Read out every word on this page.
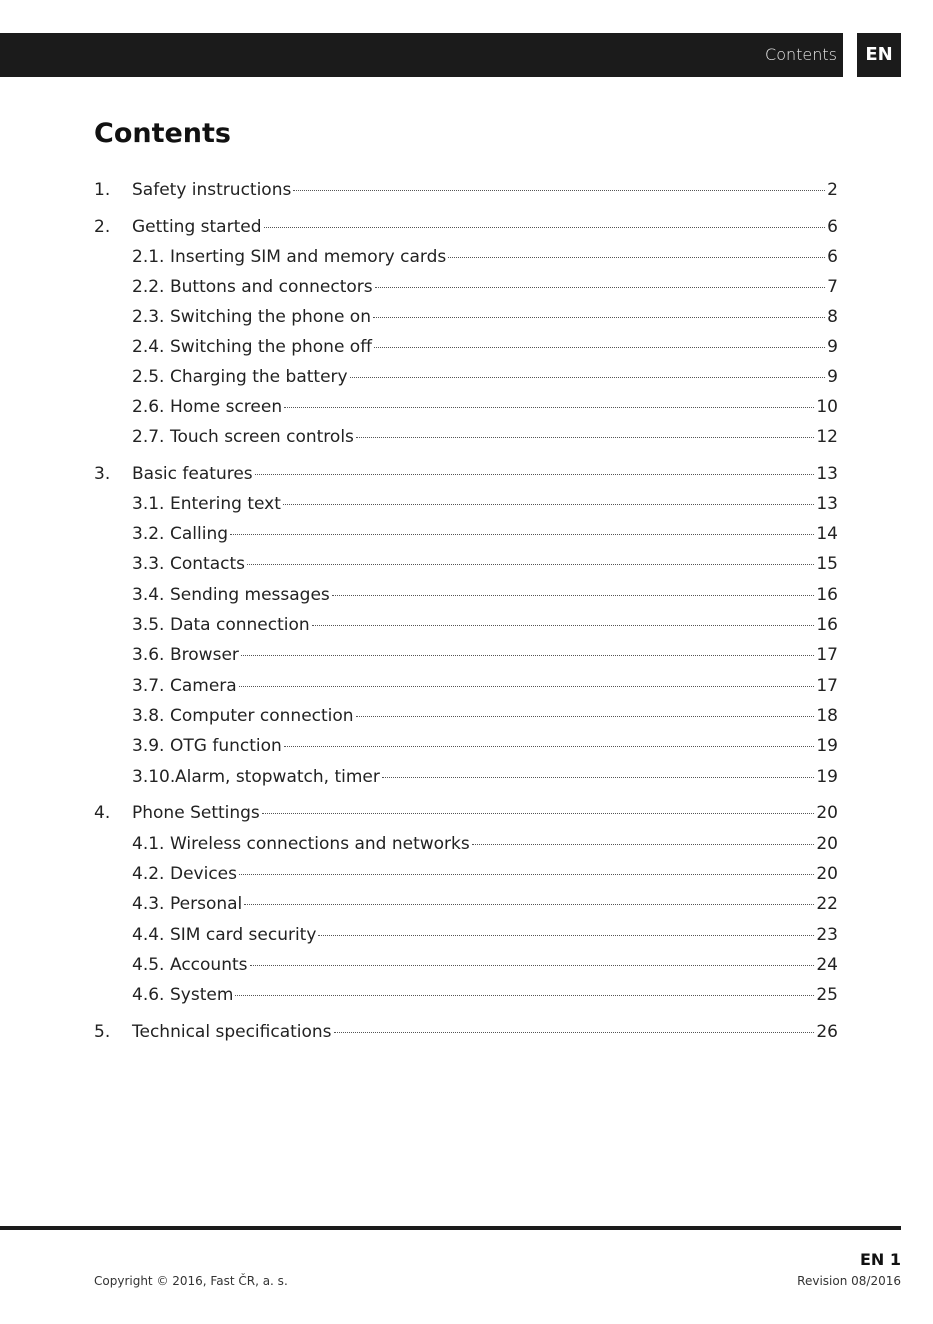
Contents	EN
Contents
1.	Safety instructions	2
2.	Getting started	6
2.1. Inserting SIM and memory cards	6
2.2. Buttons and connectors	7
2.3. Switching the phone on	8
2.4. Switching the phone off	9
2.5. Charging the battery	9
2.6. Home screen	10
2.7. Touch screen controls	12
3.	Basic features	13
3.1. Entering text	13
3.2. Calling	14
3.3. Contacts	15
3.4. Sending messages	16
3.5. Data connection	16
3.6. Browser	17
3.7. Camera	17
3.8. Computer connection	18
3.9. OTG function	19
3.10. Alarm, stopwatch, timer	19
4.	Phone Settings	20
4.1. Wireless connections and networks	20
4.2. Devices	20
4.3. Personal	22
4.4. SIM card security	23
4.5. Accounts	24
4.6. System	25
5.	Technical specifications	26
EN 1
Copyright © 2016, Fast ČR, a. s.	Revision 08/2016
